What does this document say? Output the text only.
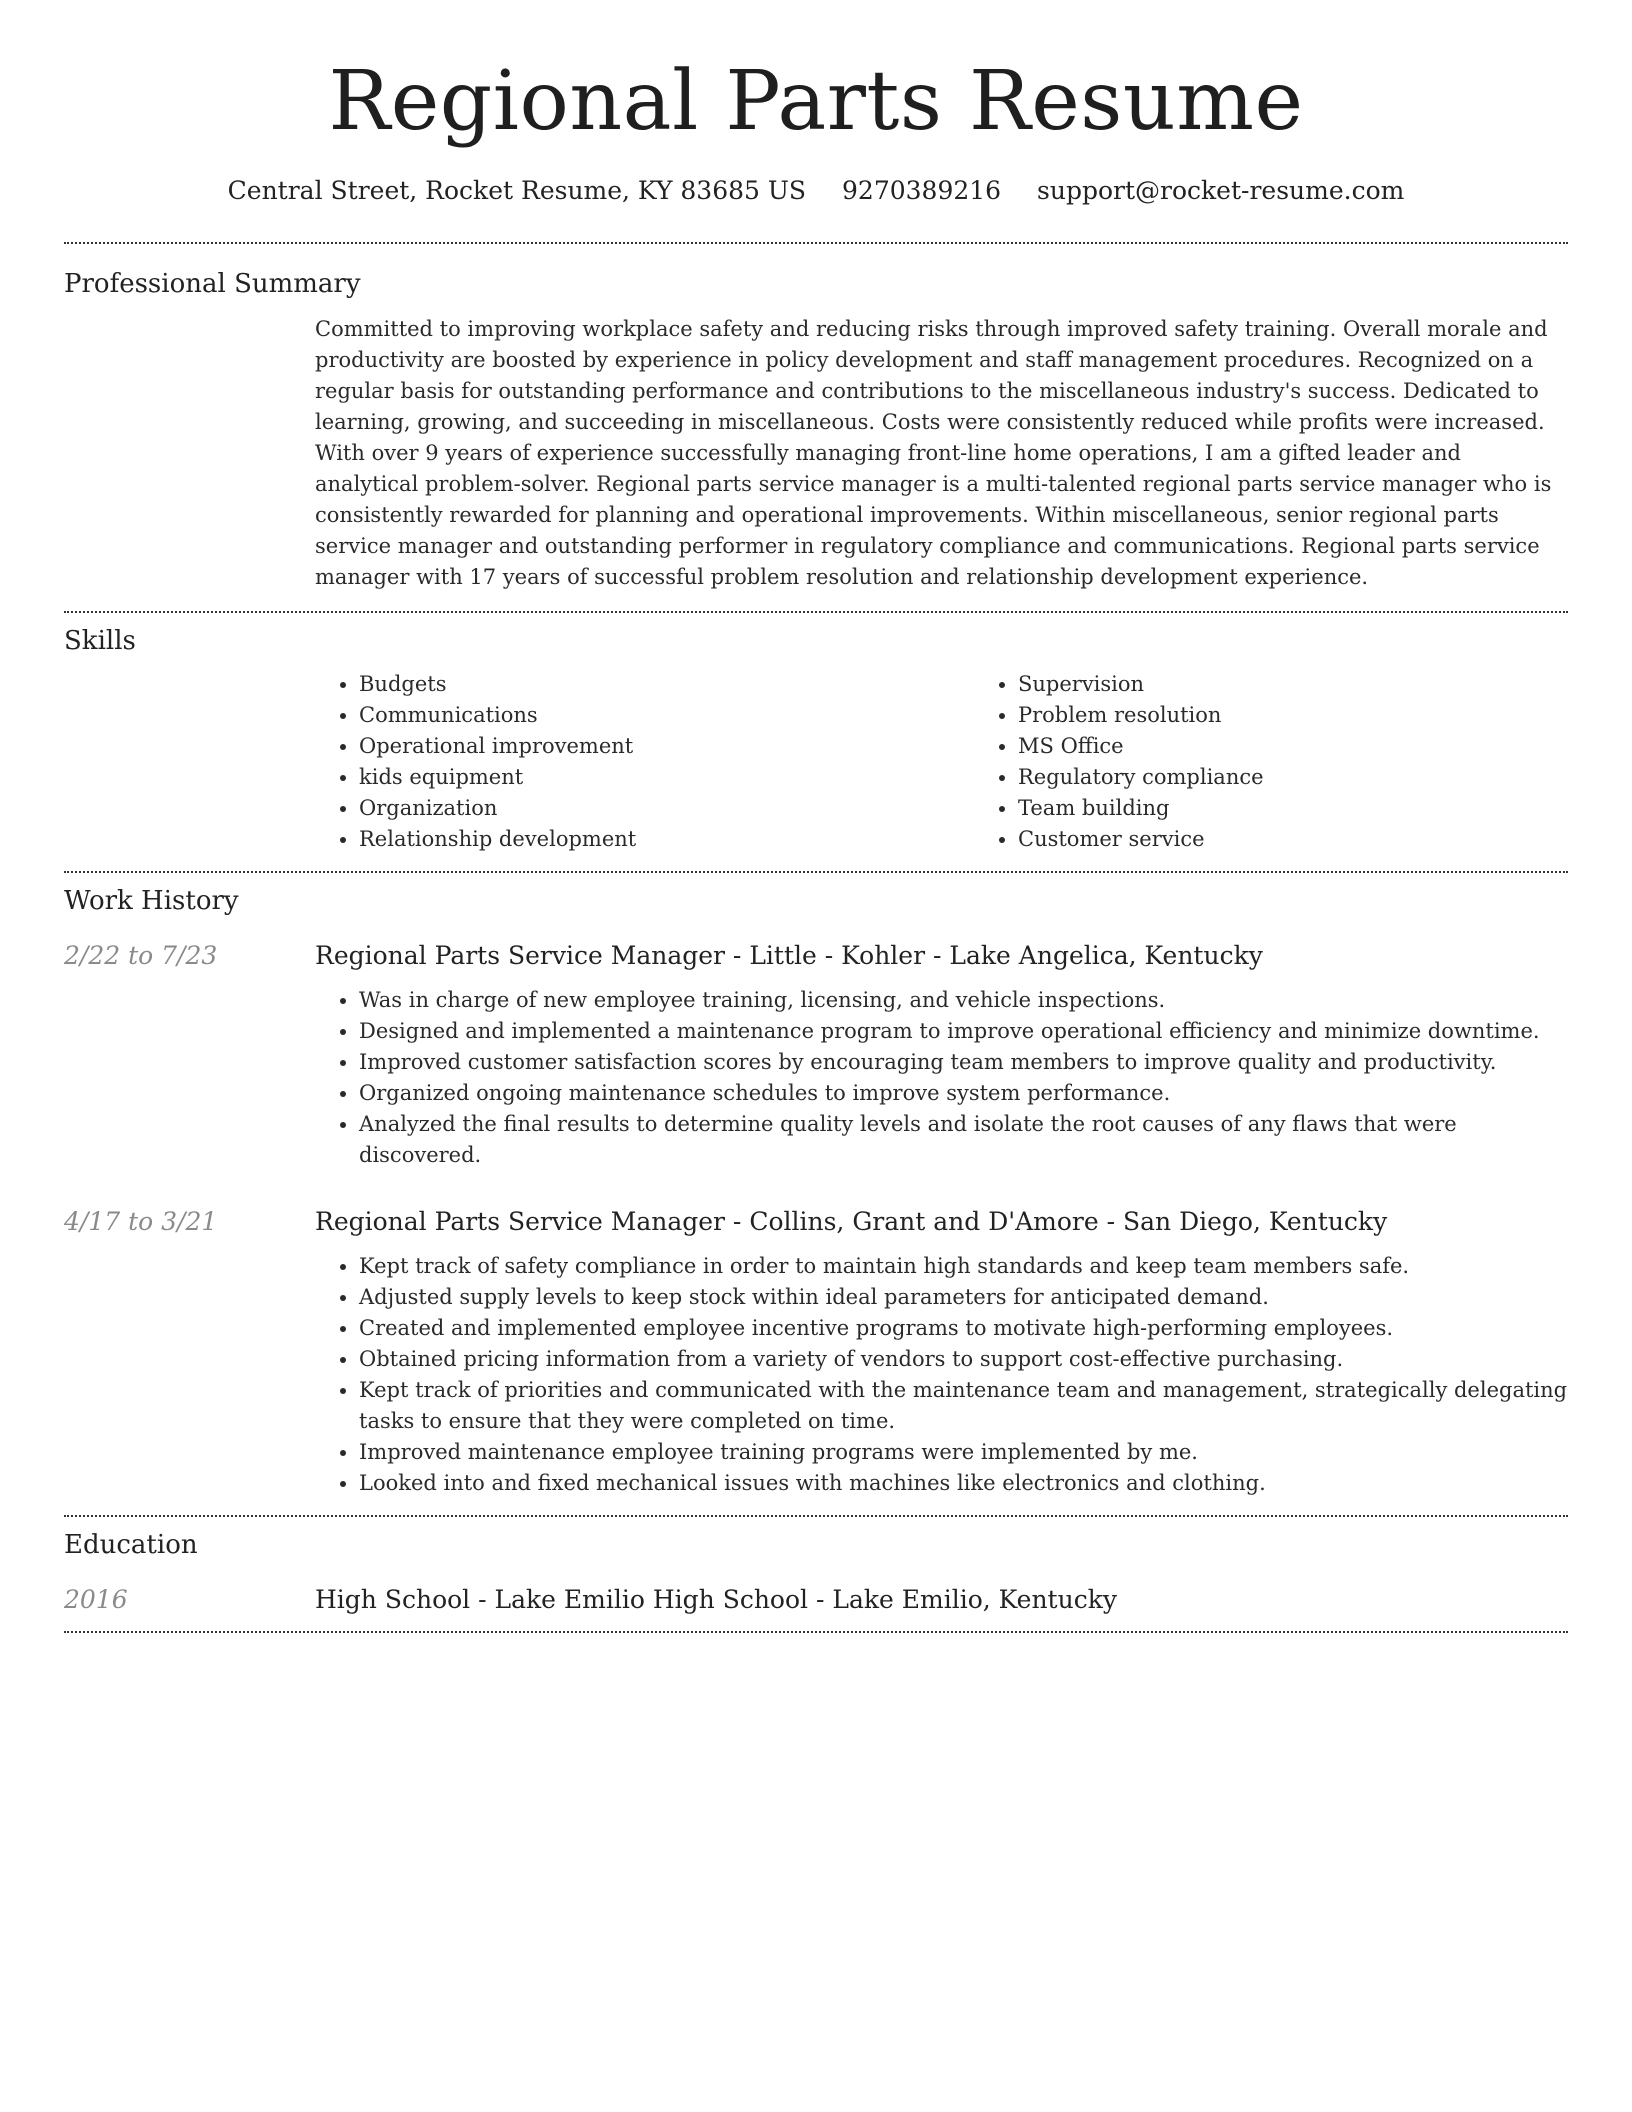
Regional Parts Resume
Central Street, Rocket Resume, KY 83685 US 9270389216 support@rocket-resume.com
Professional Summary

Committed to improving workplace safety and reducing risks through improved safety training. Overall morale and productivity are boosted by experience in policy development and staff management procedures. Recognized on a regular basis for outstanding performance and contributions to the miscellaneous industry's success. Dedicated to learning, growing, and succeeding in miscellaneous. Costs were consistently reduced while profits were increased. With over 9 years of experience successfully managing front-line home operations, I am a gifted leader and analytical problem-solver. Regional parts service manager is a multi-talented regional parts service manager who is consistently rewarded for planning and operational improvements. Within miscellaneous, senior regional parts service manager and outstanding performer in regulatory compliance and communications. Regional parts service manager with 17 years of successful problem resolution and relationship development experience.

Skills
• Budgets
• Communications
• Operational improvement
• kids equipment
• Organization
• Relationship development
• Supervision
• Problem resolution
• MS Office
• Regulatory compliance
• Team building
• Customer service
Work History
2/22 to 7/23	Regional Parts Service Manager - Little - Kohler - Lake Angelica, Kentucky

• Was in charge of new employee training, licensing, and vehicle inspections.
• Designed and implemented a maintenance program to improve operational efficiency and minimize downtime.
• Improved customer satisfaction scores by encouraging team members to improve quality and productivity.
• Organized ongoing maintenance schedules to improve system performance.
• Analyzed the final results to determine quality levels and isolate the root causes of any flaws that were discovered.
4/17 to 3/21	Regional Parts Service Manager - Collins, Grant and D'Amore - San Diego, Kentucky

• Kept track of safety compliance in order to maintain high standards and keep team members safe.
• Adjusted supply levels to keep stock within ideal parameters for anticipated demand.
• Created and implemented employee incentive programs to motivate high-performing employees.
• Obtained pricing information from a variety of vendors to support cost-effective purchasing.
• Kept track of priorities and communicated with the maintenance team and management, strategically delegating tasks to ensure that they were completed on time.
• Improved maintenance employee training programs were implemented by me.
• Looked into and fixed mechanical issues with machines like electronics and clothing.
Education
2016	High School - Lake Emilio High School - Lake Emilio, Kentucky
